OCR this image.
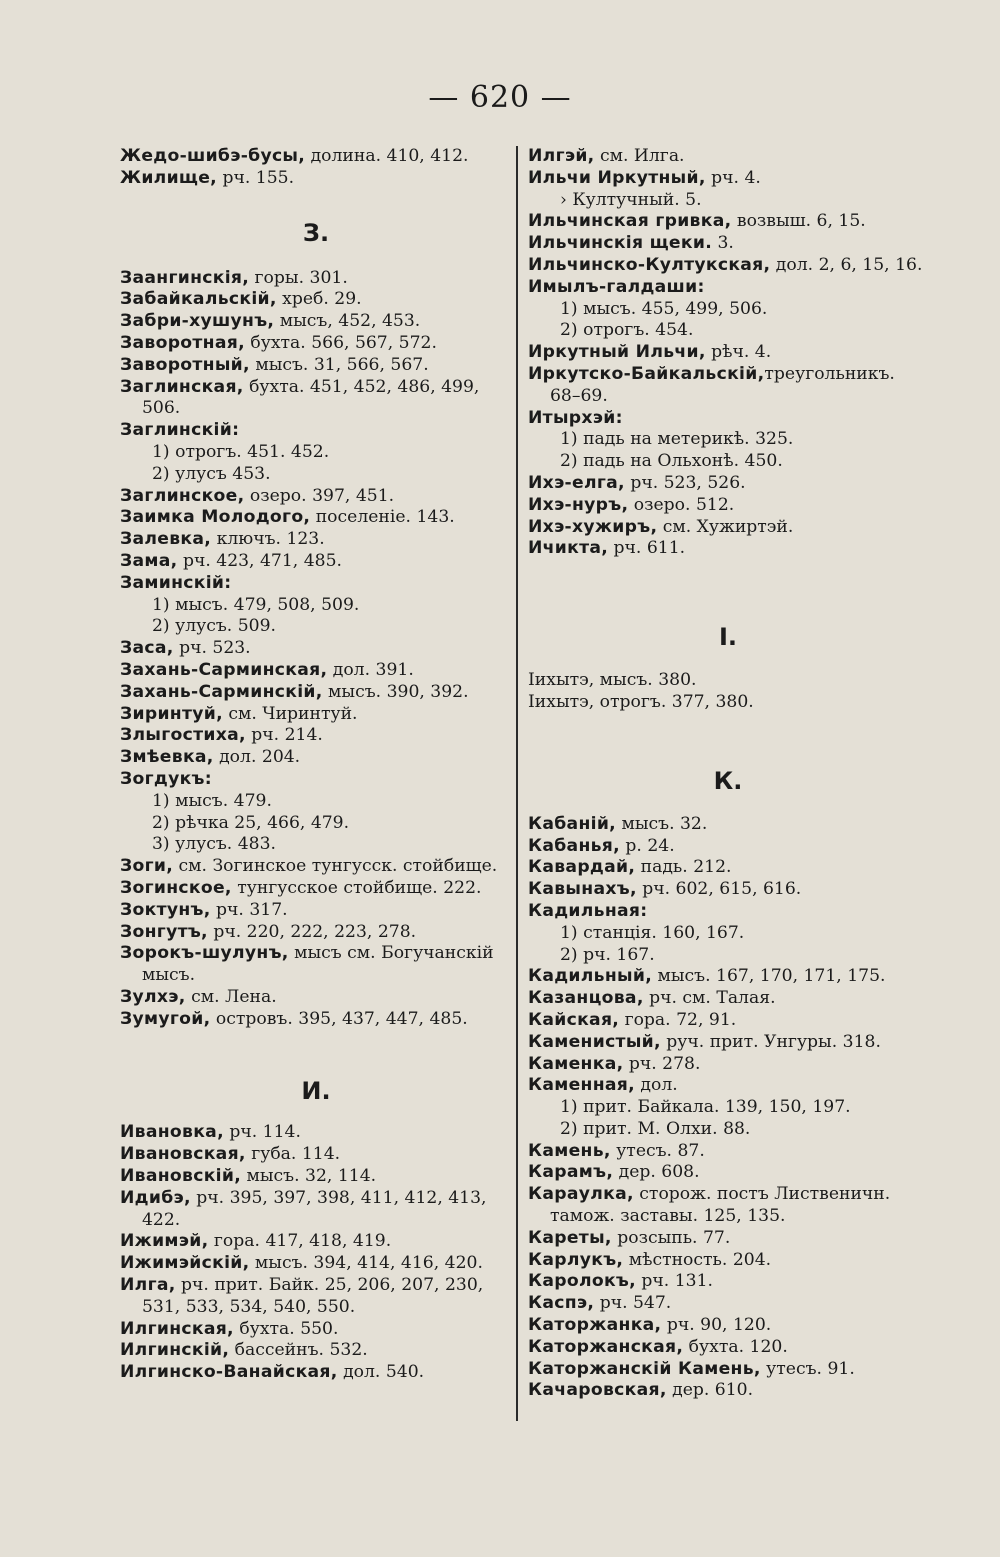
— 620 —
Жедо-шибэ-бусы, долина. 410, 412.
Жилище, рч. 155.
З.
Заангинскія, горы. 301.
Забайкальскій, хреб. 29.
Забри-хушунъ, мысъ, 452, 453.
Заворотная, бухта. 566, 567, 572.
Заворотный, мысъ. 31, 566, 567.
Заглинская, бухта. 451, 452, 486, 499, 506.
Заглинскій:
1) отрогъ. 451. 452.
2) улусъ 453.
Заглинское, озеро. 397, 451.
Заимка Молодого, поселеніе. 143.
Залевка, ключъ. 123.
Зама, рч. 423, 471, 485.
Заминскій:
1) мысъ. 479, 508, 509.
2) улусъ. 509.
Заса, рч. 523.
Захань-Сарминская, дол. 391.
Захань-Сарминскій, мысъ. 390, 392.
Зиринтуй, см. Чиринтуй.
Злыгостиха, рч. 214.
Змѣевка, дол. 204.
Зогдукъ:
1) мысъ. 479.
2) рѣчка 25, 466, 479.
3) улусъ. 483.
Зоги, см. Зогинское тунгусск. стойбище.
Зогинское, тунгусское стойбище. 222.
Зоктунъ, рч. 317.
Зонгутъ, рч. 220, 222, 223, 278.
Зорокъ-шулунъ, мысъ см. Богучанскій мысъ.
Зулхэ, см. Лена.
Зумугой, островъ. 395, 437, 447, 485.
И.
Ивановка, рч. 114.
Ивановская, губа. 114.
Ивановскій, мысъ. 32, 114.
Идибэ, рч. 395, 397, 398, 411, 412, 413, 422.
Ижимэй, гора. 417, 418, 419.
Ижимэйскій, мысъ. 394, 414, 416, 420.
Илга, рч. прит. Байк. 25, 206, 207, 230, 531, 533, 534, 540, 550.
Илгинская, бухта. 550.
Илгинскій, бассейнъ. 532.
Илгинско-Ванайская, дол. 540.
Илгэй, см. Илга.
Ильчи Иркутный, рч. 4.
› Култучный. 5.
Ильчинская гривка, возвыш. 6, 15.
Ильчинскія щеки. 3.
Ильчинско-Култукская, дол. 2, 6, 15, 16.
Имылъ-галдаши:
1) мысъ. 455, 499, 506.
2) отрогъ. 454.
Иркутный Ильчи, рѣч. 4.
Иркутско-Байкальскій,треугольникъ. 68–69.
Итырхэй:
1) падь на метерикѣ. 325.
2) падь на Ольхонѣ. 450.
Ихэ-елга, рч. 523, 526.
Ихэ-нуръ, озеро. 512.
Ихэ-хужиръ, см. Хужиртэй.
Ичикта, рч. 611.
I.
Iихытэ, мысъ. 380.
Iихытэ, отрогъ. 377, 380.
К.
Кабаній, мысъ. 32.
Кабанья, р. 24.
Кавардай, падь. 212.
Кавынахъ, рч. 602, 615, 616.
Кадильная:
1) станція. 160, 167.
2) рч. 167.
Кадильный, мысъ. 167, 170, 171, 175.
Казанцова, рч. см. Талая.
Кайская, гора. 72, 91.
Каменистый, руч. прит. Унгуры. 318.
Каменка, рч. 278.
Каменная, дол.
1) прит. Байкала. 139, 150, 197.
2) прит. М. Олхи. 88.
Камень, утесъ. 87.
Карамъ, дер. 608.
Караулка, сторож. постъ Лиственичн. тамож. заставы. 125, 135.
Кареты, розсыпь. 77.
Карлукъ, мѣстность. 204.
Каролокъ, рч. 131.
Каспэ, рч. 547.
Каторжанка, рч. 90, 120.
Каторжанская, бухта. 120.
Каторжанскій Камень, утесъ. 91.
Качаровская, дер. 610.
